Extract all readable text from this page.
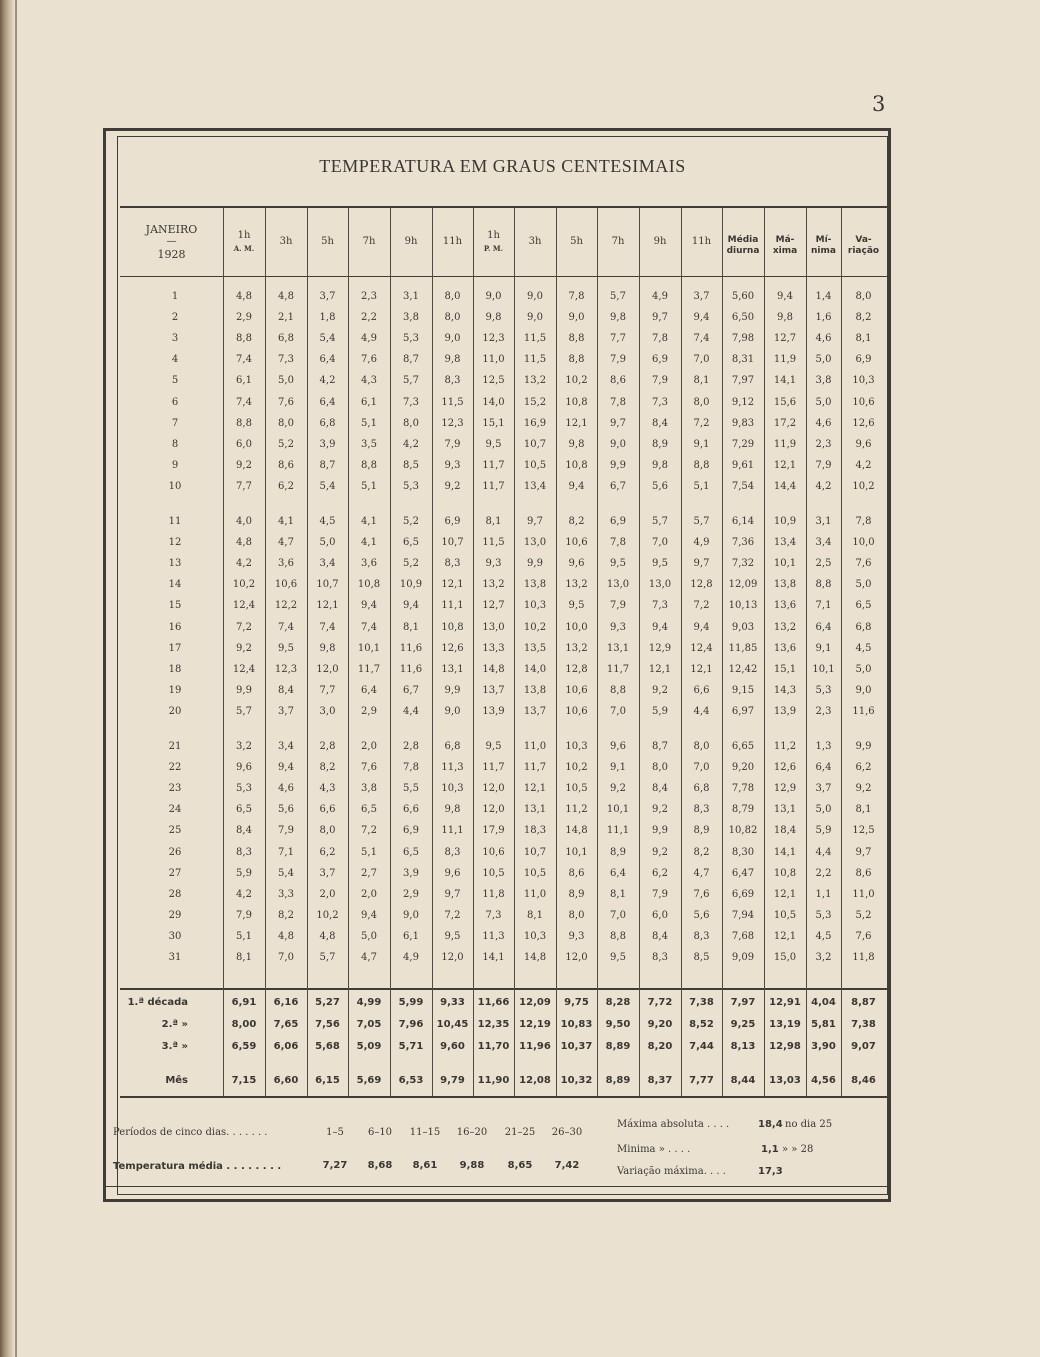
3
TEMPERATURA EM GRAUS CENTESIMAIS
JANEIRO
—
1928
1h
A. M.
3h	5h	7h	9h	11h
1h
P. M.
3h	5h	7h	9h	11h	Média
diurna
Má-
xima
Mí-
nima
Va-
riação
1	4,8	4,8	3,7	2,3	3,1	8,0	9,0	9,0	7,8	5,7	4,9	3,7	5,60	9,4	1,4	8,0
2	2,9	2,1	1,8	2,2	3,8	8,0	9,8	9,0	9,0	9,8	9,7	9,4	6,50	9,8	1,6	8,2
3	8,8	6,8	5,4	4,9	5,3	9,0	12,3	11,5	8,8	7,7	7,8	7,4	7,98	12,7	4,6	8,1
4	7,4	7,3	6,4	7,6	8,7	9,8	11,0	11,5	8,8	7,9	6,9	7,0	8,31	11,9	5,0	6,9
5	6,1	5,0	4,2	4,3	5,7	8,3	12,5	13,2	10,2	8,6	7,9	8,1	7,97	14,1	3,8	10,3
6	7,4	7,6	6,4	6,1	7,3	11,5	14,0	15,2	10,8	7,8	7,3	8,0	9,12	15,6	5,0	10,6
7	8,8	8,0	6,8	5,1	8,0	12,3	15,1	16,9	12,1	9,7	8,4	7,2	9,83	17,2	4,6	12,6
8	6,0	5,2	3,9	3,5	4,2	7,9	9,5	10,7	9,8	9,0	8,9	9,1	7,29	11,9	2,3	9,6
9	9,2	8,6	8,7	8,8	8,5	9,3	11,7	10,5	10,8	9,9	9,8	8,8	9,61	12,1	7,9	4,2
10	7,7	6,2	5,4	5,1	5,3	9,2	11,7	13,4	9,4	6,7	5,6	5,1	7,54	14,4	4,2	10,2
11	4,0	4,1	4,5	4,1	5,2	6,9	8,1	9,7	8,2	6,9	5,7	5,7	6,14	10,9	3,1	7,8
12	4,8	4,7	5,0	4,1	6,5	10,7	11,5	13,0	10,6	7,8	7,0	4,9	7,36	13,4	3,4	10,0
13	4,2	3,6	3,4	3,6	5,2	8,3	9,3	9,9	9,6	9,5	9,5	9,7	7,32	10,1	2,5	7,6
14	10,2	10,6	10,7	10,8	10,9	12,1	13,2	13,8	13,2	13,0	13,0	12,8	12,09	13,8	8,8	5,0
15	12,4	12,2	12,1	9,4	9,4	11,1	12,7	10,3	9,5	7,9	7,3	7,2	10,13	13,6	7,1	6,5
16	7,2	7,4	7,4	7,4	8,1	10,8	13,0	10,2	10,0	9,3	9,4	9,4	9,03	13,2	6,4	6,8
17	9,2	9,5	9,8	10,1	11,6	12,6	13,3	13,5	13,2	13,1	12,9	12,4	11,85	13,6	9,1	4,5
18	12,4	12,3	12,0	11,7	11,6	13,1	14,8	14,0	12,8	11,7	12,1	12,1	12,42	15,1	10,1	5,0
19	9,9	8,4	7,7	6,4	6,7	9,9	13,7	13,8	10,6	8,8	9,2	6,6	9,15	14,3	5,3	9,0
20	5,7	3,7	3,0	2,9	4,4	9,0	13,9	13,7	10,6	7,0	5,9	4,4	6,97	13,9	2,3	11,6
21	3,2	3,4	2,8	2,0	2,8	6,8	9,5	11,0	10,3	9,6	8,7	8,0	6,65	11,2	1,3	9,9
22	9,6	9,4	8,2	7,6	7,8	11,3	11,7	11,7	10,2	9,1	8,0	7,0	9,20	12,6	6,4	6,2
23	5,3	4,6	4,3	3,8	5,5	10,3	12,0	12,1	10,5	9,2	8,4	6,8	7,78	12,9	3,7	9,2
24	6,5	5,6	6,6	6,5	6,6	9,8	12,0	13,1	11,2	10,1	9,2	8,3	8,79	13,1	5,0	8,1
25	8,4	7,9	8,0	7,2	6,9	11,1	17,9	18,3	14,8	11,1	9,9	8,9	10,82	18,4	5,9	12,5
26	8,3	7,1	6,2	5,1	6,5	8,3	10,6	10,7	10,1	8,9	9,2	8,2	8,30	14,1	4,4	9,7
27	5,9	5,4	3,7	2,7	3,9	9,6	10,5	10,5	8,6	6,4	6,2	4,7	6,47	10,8	2,2	8,6
28	4,2	3,3	2,0	2,0	2,9	9,7	11,8	11,0	8,9	8,1	7,9	7,6	6,69	12,1	1,1	11,0
29	7,9	8,2	10,2	9,4	9,0	7,2	7,3	8,1	8,0	7,0	6,0	5,6	7,94	10,5	5,3	5,2
30	5,1	4,8	4,8	5,0	6,1	9,5	11,3	10,3	9,3	8,8	8,4	8,3	7,68	12,1	4,5	7,6
31	8,1	7,0	5,7	4,7	4,9	12,0	14,1	14,8	12,0	9,5	8,3	8,5	9,09	15,0	3,2	11,8
1.ª década	6,91	6,16	5,27	4,99	5,99	9,33	11,66 12,09	9,75	8,28	7,72	7,38	7,97	12,91	4,04	8,87
2.ª »	8,00	7,65	7,56	7,05	7,96	10,45 12,35 12,19 10,83	9,50	9,20	8,52	9,25	13,19	5,81	7,38
3.ª »	6,59	6,06	5,68	5,09	5,71	9,60	11,70 11,96 10,37	8,89	8,20	7,44	8,13	12,98	3,90	9,07
Mês	7,15	6,60	6,15	5,69	6,53	9,79	11,90 12,08 10,32	8,89	8,37	7,77	8,44	13,03	4,56	8,46
Períodos de cinco dias. . . . . . .	1–5	6–10	11–15	16–20	21–25	26–30
Temperatura média . . . . . . . .	7,27	8,68	8,61	9,88	8,65	7,42
Máxima absoluta . . . .	18,4 no dia 25
Minima » . . . .	1,1 » » 28
Variação máxima. . . .	17,3
